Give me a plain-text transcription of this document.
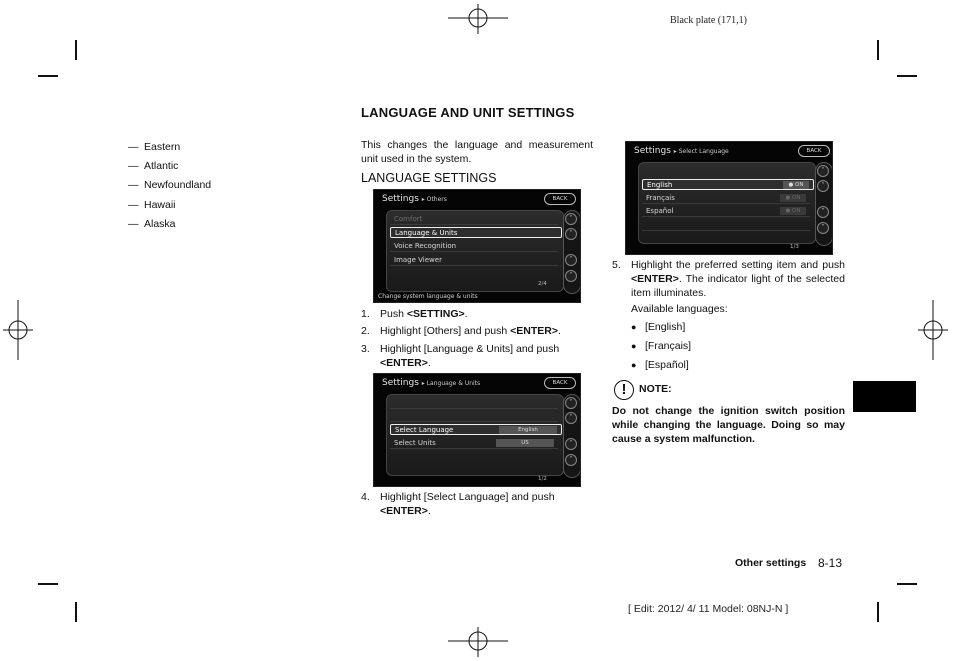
Black plate (171,1)
— Eastern
— Atlantic
— Newfoundland
— Hawaii
— Alaska
LANGUAGE AND UNIT SETTINGS
This changes the language and measurement unit used in the system.
LANGUAGE SETTINGS
Settings ▸ Others	BACK
Comfort
Language & Units
Voice Recognition
Image Viewer
2/4
˄
˄
˅
˅
Change system language & units
1. Push <SETTING>.
2. Highlight [Others] and push <ENTER>.
3. Highlight [Language & Units] and push
<ENTER>.
Settings ▸ Language & Units	BACK
Select Language	English
Select Units	US
1/2
˄
˄
˅
˅
4. Highlight [Select Language] and push
<ENTER>.
Settings ▸ Select Language	BACK
English	● ON
Français	● ON
Español	● ON
1/3
˄
˄
˅
˅
5. Highlight the preferred setting item and push <ENTER>. The indicator light of the selected item illuminates.
Available languages:
● [English]
● [Français]
● [Español]
!	NOTE:
Do not change the ignition switch position while changing the language. Doing so may cause a system malfunction.
Other settings 8-13
[ Edit: 2012/ 4/ 11 Model: 08NJ-N ]
